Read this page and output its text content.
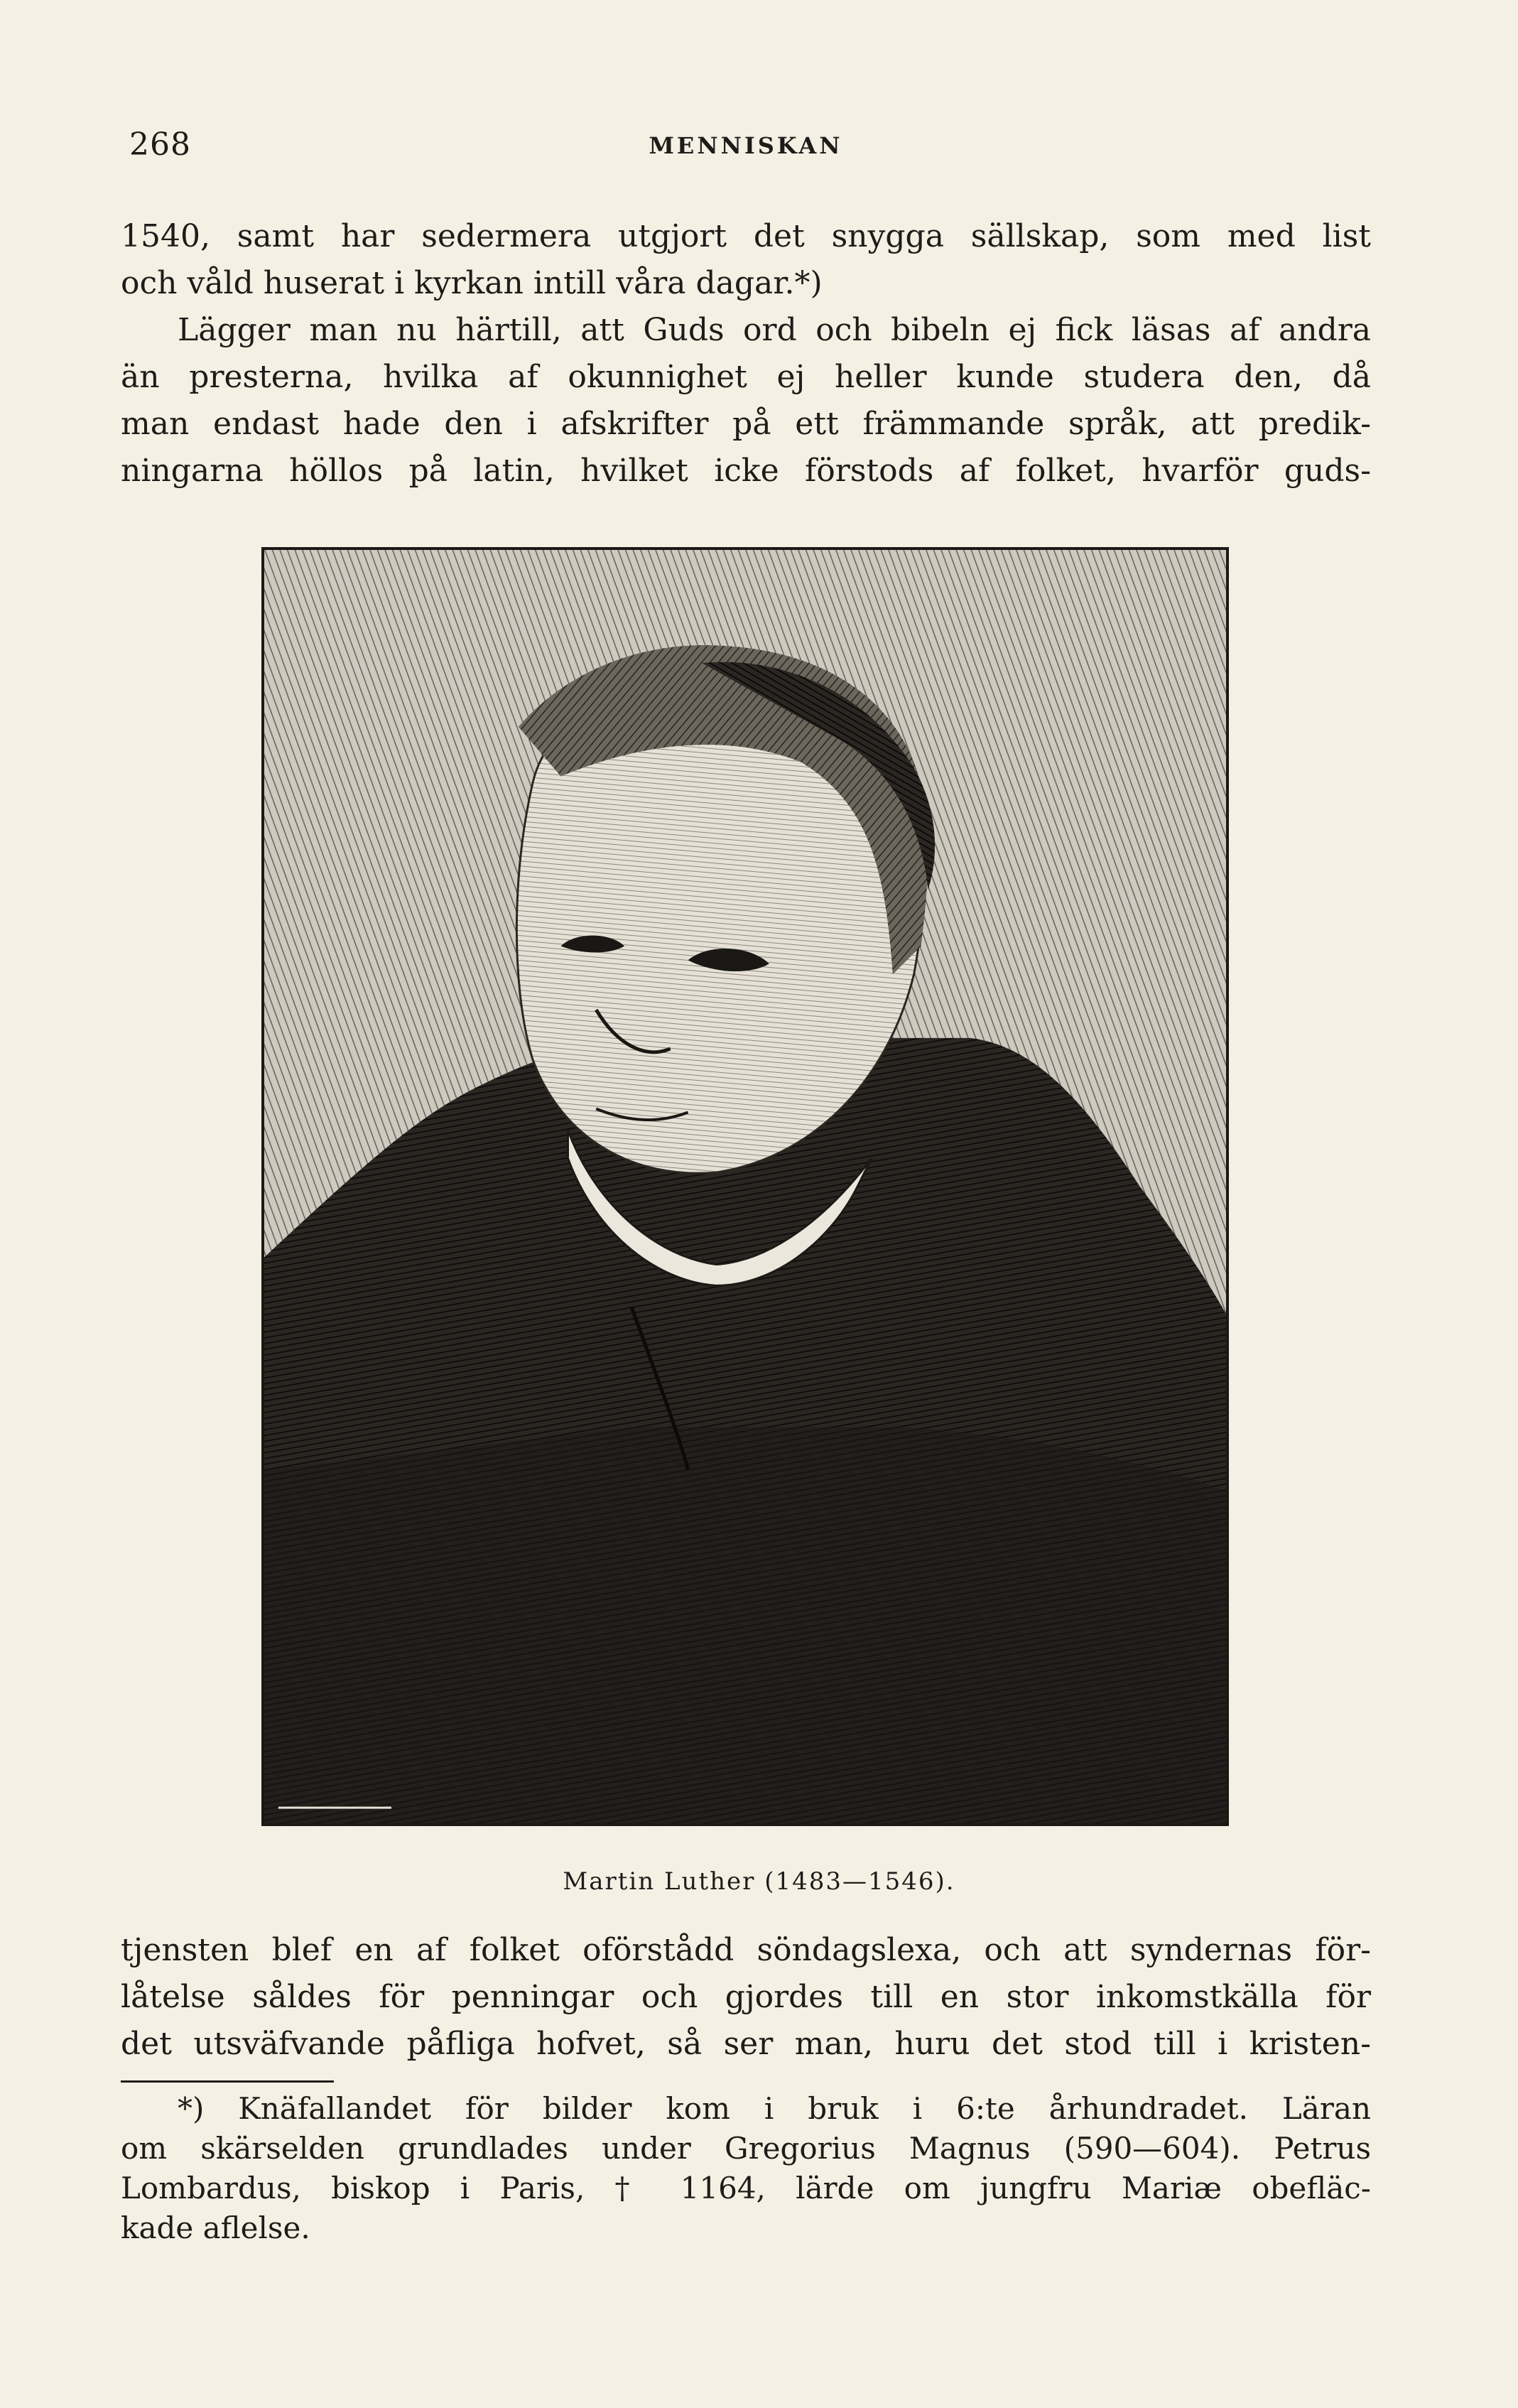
268	MENNISKAN
1540, samt har sedermera utgjort det snygga sällskap, som med list
och våld huserat i kyrkan intill våra dagar.*)
Lägger man nu härtill, att Guds ord och bibeln ej fick läsas af andra
än presterna, hvilka af okunnighet ej heller kunde studera den, då
man endast hade den i afskrifter på ett främmande språk, att predik-
ningarna höllos på latin, hvilket icke förstods af folket, hvarför guds-
Martin Luther (1483—1546).
tjensten blef en af folket oförstådd söndagslexa, och att syndernas för-
låtelse såldes för penningar och gjordes till en stor inkomstkälla för
det utsväfvande påfliga hofvet, så ser man, huru det stod till i kristen-
*) Knäfallandet för bilder kom i bruk i 6:te århundradet. Läran
om skärselden grundlades under Gregorius Magnus (590—604). Petrus
Lombardus, biskop i Paris, † 1164, lärde om jungfru Mariæ obefläc-
kade aflelse.
